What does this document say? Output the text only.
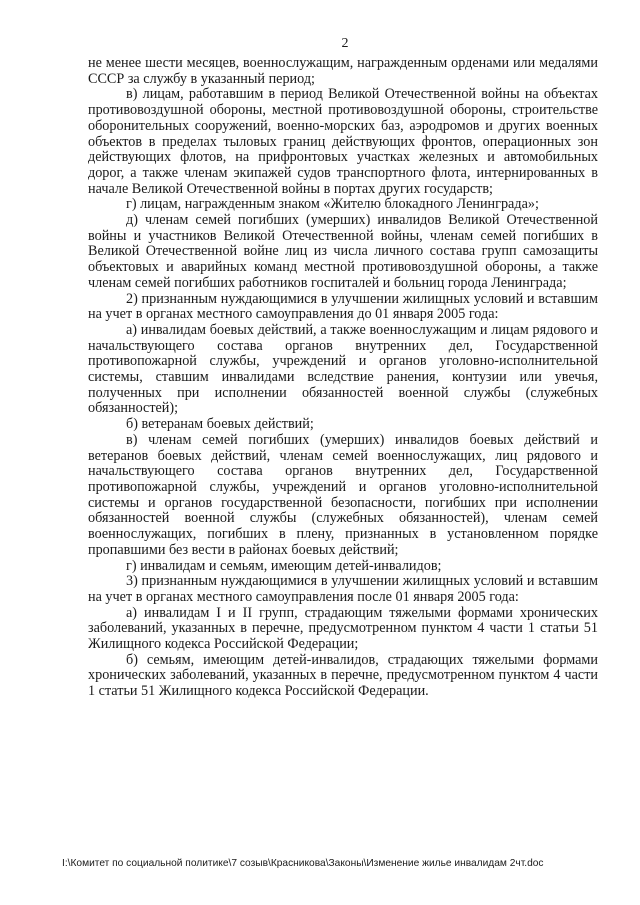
2

не менее шести месяцев, военнослужащим, награжденным орденами или медалями СССР за службу в указанный период;

в) лицам, работавшим в период Великой Отечественной войны на объектах противовоздушной обороны, местной противовоздушной обороны, строительстве оборонительных сооружений, военно-морских баз, аэродромов и других военных объектов в пределах тыловых границ действующих фронтов, операционных зон действующих флотов, на прифронтовых участках железных и автомобильных дорог, а также членам экипажей судов транспортного флота, интернированных в начале Великой Отечественной войны в портах других государств;

г) лицам, награжденным знаком «Жителю блокадного Ленинграда»;

д) членам семей погибших (умерших) инвалидов Великой Отечественной войны и участников Великой Отечественной войны, членам семей погибших в Великой Отечественной войне лиц из числа личного состава групп самозащиты объектовых и аварийных команд местной противовоздушной обороны, а также членам семей погибших работников госпиталей и больниц города Ленинграда;

2) признанным нуждающимися в улучшении жилищных условий и вставшим на учет в органах местного самоуправления до 01 января 2005 года:

а) инвалидам боевых действий, а также военнослужащим и лицам рядового и начальствующего состава органов внутренних дел, Государственной противопожарной службы, учреждений и органов уголовно-исполнительной системы, ставшим инвалидами вследствие ранения, контузии или увечья, полученных при исполнении обязанностей военной службы (служебных обязанностей);

б) ветеранам боевых действий;

в) членам семей погибших (умерших) инвалидов боевых действий и ветеранов боевых действий, членам семей военнослужащих, лиц рядового и начальствующего состава органов внутренних дел, Государственной противопожарной службы, учреждений и органов уголовно-исполнительной системы и органов государственной безопасности, погибших при исполнении обязанностей военной службы (служебных обязанностей), членам семей военнослужащих, погибших в плену, признанных в установленном порядке пропавшими без вести в районах боевых действий;

г) инвалидам и семьям, имеющим детей-инвалидов;

3) признанным нуждающимися в улучшении жилищных условий и вставшим на учет в органах местного самоуправления после 01 января 2005 года:

а) инвалидам I и II групп, страдающим тяжелыми формами хронических заболеваний, указанных в перечне, предусмотренном пунктом 4 части 1 статьи 51 Жилищного кодекса Российской Федерации;

б) семьям, имеющим детей-инвалидов, страдающих тяжелыми формами хронических заболеваний, указанных в перечне, предусмотренном пунктом 4 части 1 статьи 51 Жилищного кодекса Российской Федерации.

I:\Комитет по социальной политике\7 созыв\Красникова\Законы\Изменение жилье инвалидам 2чт.doc
